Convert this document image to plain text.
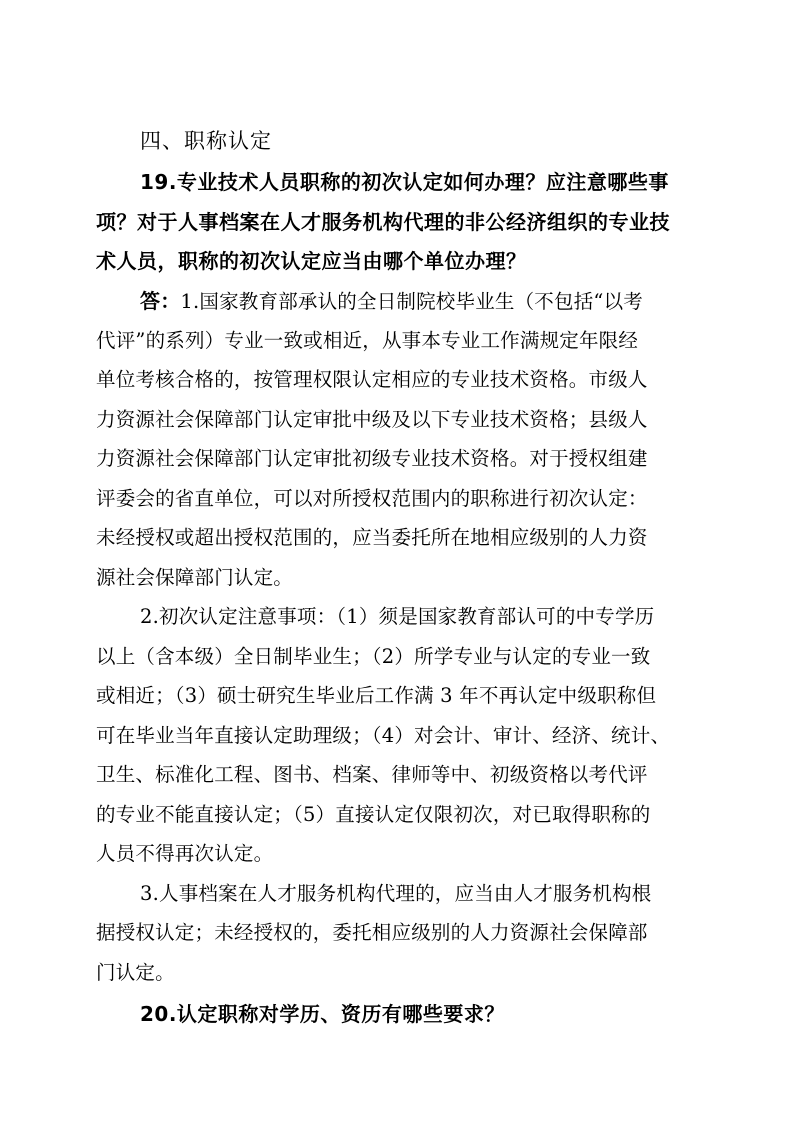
四、职称认定
19.专业技术人员职称的初次认定如何办理？应注意哪些事
项？对于人事档案在人才服务机构代理的非公经济组织的专业技
术人员，职称的初次认定应当由哪个单位办理？
答：1.国家教育部承认的全日制院校毕业生（不包括“以考
代评”的系列）专业一致或相近，从事本专业工作满规定年限经
单位考核合格的，按管理权限认定相应的专业技术资格。市级人
力资源社会保障部门认定审批中级及以下专业技术资格；县级人
力资源社会保障部门认定审批初级专业技术资格。对于授权组建
评委会的省直单位，可以对所授权范围内的职称进行初次认定：
未经授权或超出授权范围的，应当委托所在地相应级别的人力资
源社会保障部门认定。
2.初次认定注意事项：（1）须是国家教育部认可的中专学历
以上（含本级）全日制毕业生；（2）所学专业与认定的专业一致
或相近；（3）硕士研究生毕业后工作满 3 年不再认定中级职称但
可在毕业当年直接认定助理级；（4）对会计、审计、经济、统计、
卫生、标准化工程、图书、档案、律师等中、初级资格以考代评
的专业不能直接认定；（5）直接认定仅限初次，对已取得职称的
人员不得再次认定。
3.人事档案在人才服务机构代理的，应当由人才服务机构根
据授权认定；未经授权的，委托相应级别的人力资源社会保障部
门认定。
20.认定职称对学历、资历有哪些要求？
